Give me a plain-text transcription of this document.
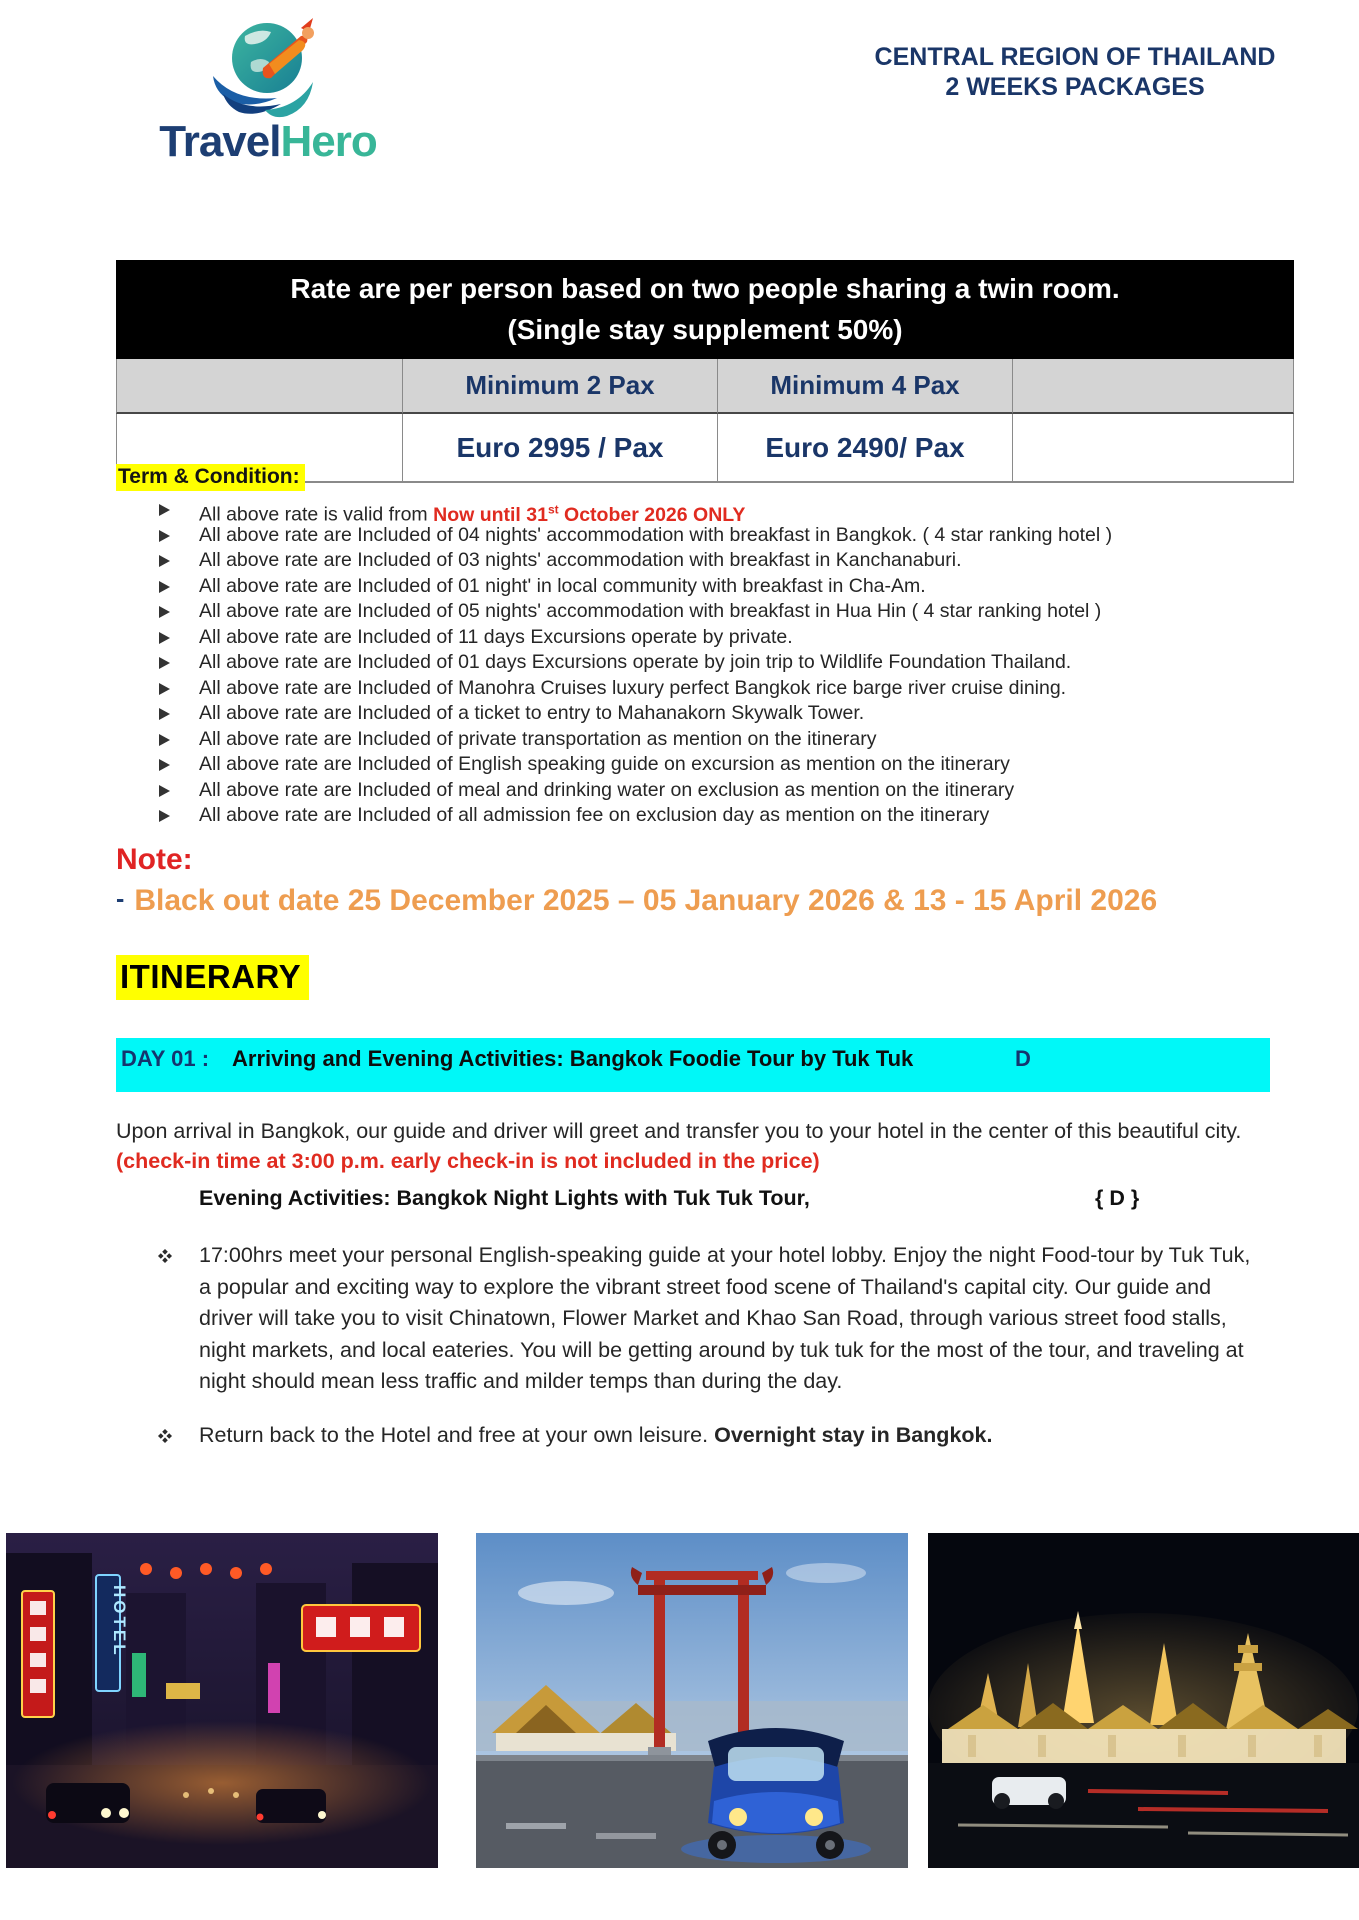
TravelHero
CENTRAL REGION OF THAILAND
2 WEEKS PACKAGES
Rate are per person based on two people sharing a twin room.
(Single stay supplement 50%)
Minimum 2 Pax	Minimum 4 Pax
Euro 2995 / Pax	Euro 2490/ Pax
Term & Condition:
All above rate is valid from Now until 31st October 2026 ONLY
All above rate are Included of 04 nights' accommodation with breakfast in Bangkok. ( 4 star ranking hotel )
All above rate are Included of 03 nights' accommodation with breakfast in Kanchanaburi.
All above rate are Included of 01 night' in local community with breakfast in Cha-Am.
All above rate are Included of 05 nights' accommodation with breakfast in Hua Hin ( 4 star ranking hotel )
All above rate are Included of 11 days Excursions operate by private.
All above rate are Included of 01 days Excursions operate by join trip to Wildlife Foundation Thailand.
All above rate are Included of Manohra Cruises luxury perfect Bangkok rice barge river cruise dining.
All above rate are Included of a ticket to entry to Mahanakorn Skywalk Tower.
All above rate are Included of private transportation as mention on the itinerary
All above rate are Included of English speaking guide on excursion as mention on the itinerary
All above rate are Included of meal and drinking water on exclusion as mention on the itinerary
All above rate are Included of all admission fee on exclusion day as mention on the itinerary
Note:
- Black out date 25 December 2025 – 05 January 2026 & 13 - 15 April 2026
ITINERARY
DAY 01 : Arriving and Evening Activities: Bangkok Foodie Tour by Tuk Tuk	D

Upon arrival in Bangkok, our guide and driver will greet and transfer you to your hotel in the center of this beautiful city. (check-in time at 3:00 p.m. early check-in is not included in the price)

Evening Activities: Bangkok Night Lights with Tuk Tuk Tour,	{ D }
17:00hrs meet your personal English-speaking guide at your hotel lobby. Enjoy the night Food-tour by Tuk Tuk, a popular and exciting way to explore the vibrant street food scene of Thailand's capital city. Our guide and driver will take you to visit Chinatown, Flower Market and Khao San Road, through various street food stalls, night markets, and local eateries. You will be getting around by tuk tuk for the most of the tour, and traveling at night should mean less traffic and milder temps than during the day.
Return back to the Hotel and free at your own leisure. Overnight stay in Bangkok.
HOTEL
